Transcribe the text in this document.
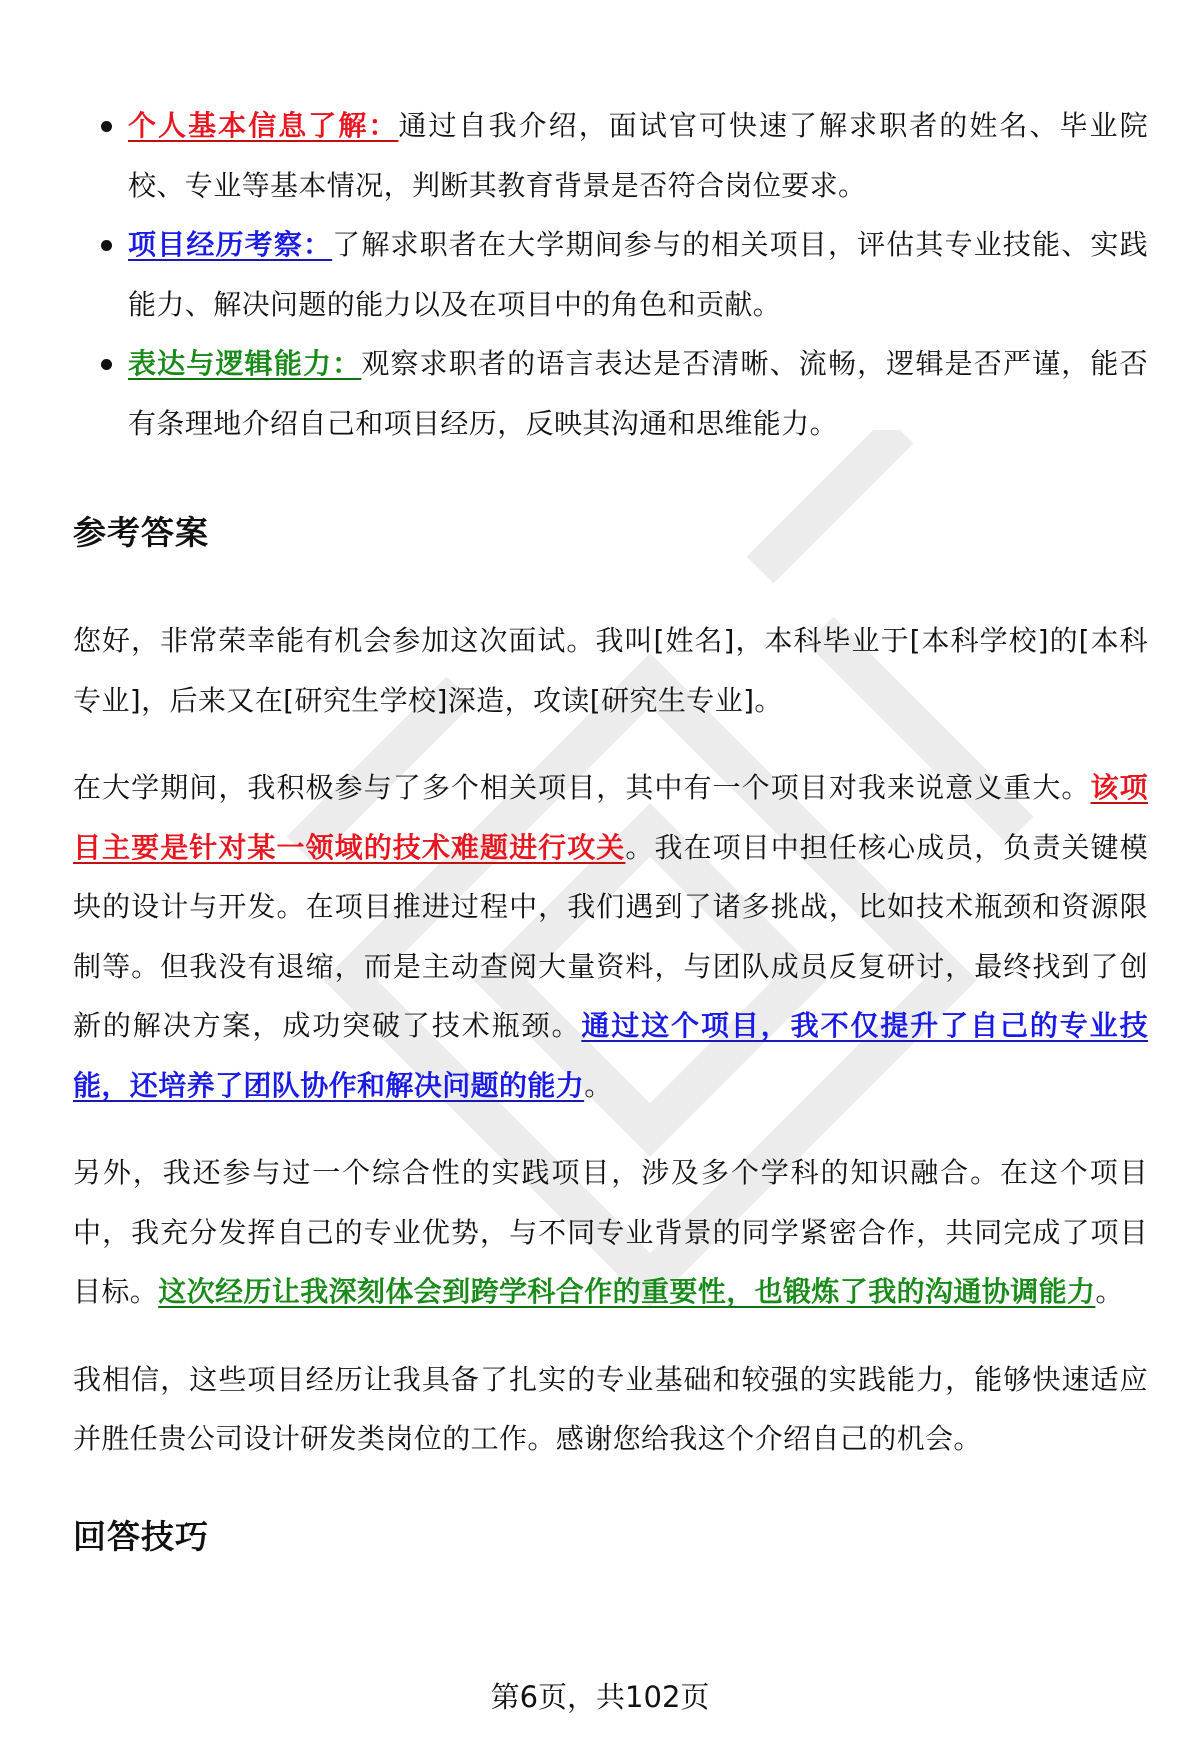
个人基本信息了解：通过自我介绍，面试官可快速了解求职者的姓名、毕业院校、专业等基本情况，判断其教育背景是否符合岗位要求。
项目经历考察：了解求职者在大学期间参与的相关项目，评估其专业技能、实践能力、解决问题的能力以及在项目中的角色和贡献。
表达与逻辑能力：观察求职者的语言表达是否清晰、流畅，逻辑是否严谨，能否有条理地介绍自己和项目经历，反映其沟通和思维能力。
参考答案

您好，非常荣幸能有机会参加这次面试。我叫[姓名]，本科毕业于[本科学校]的[本科专业]，后来又在[研究生学校]深造，攻读[研究生专业]。

在大学期间，我积极参与了多个相关项目，其中有一个项目对我来说意义重大。该项目主要是针对某一领域的技术难题进行攻关。我在项目中担任核心成员，负责关键模块的设计与开发。在项目推进过程中，我们遇到了诸多挑战，比如技术瓶颈和资源限制等。但我没有退缩，而是主动查阅大量资料，与团队成员反复研讨，最终找到了创新的解决方案，成功突破了技术瓶颈。通过这个项目，我不仅提升了自己的专业技能，还培养了团队协作和解决问题的能力。

另外，我还参与过一个综合性的实践项目，涉及多个学科的知识融合。在这个项目中，我充分发挥自己的专业优势，与不同专业背景的同学紧密合作，共同完成了项目目标。这次经历让我深刻体会到跨学科合作的重要性，也锻炼了我的沟通协调能力。

我相信，这些项目经历让我具备了扎实的专业基础和较强的实践能力，能够快速适应并胜任贵公司设计研发类岗位的工作。感谢您给我这个介绍自己的机会。

回答技巧
第6页，共102页
